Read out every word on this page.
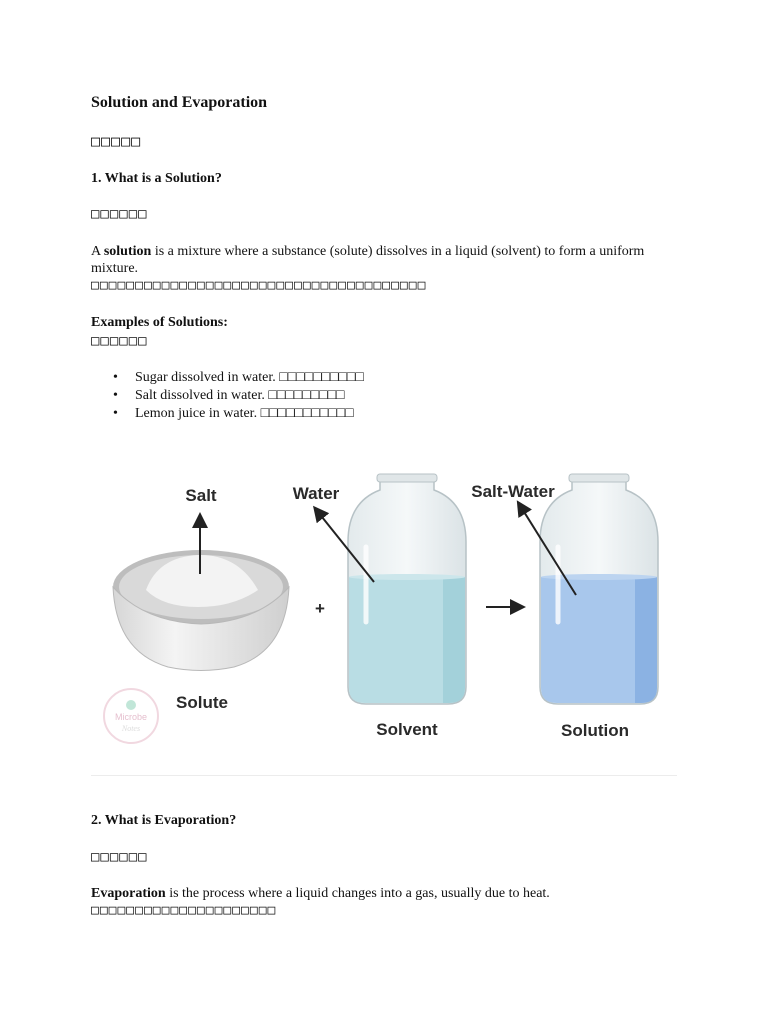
Solution and Evaporation
□□□□□
1. What is a Solution?
□□□□□□

A solution is a mixture where a substance (solute) dissolves in a liquid (solvent) to form a uniform mixture.
□□□□□□□□□□□□□□□□□□□□□□□□□□□□□□□□□□□□□□

Examples of Solutions:

□□□□□□
• Sugar dissolved in water. □□□□□□□□□□
• Salt dissolved in water. □□□□□□□□□
• Lemon juice in water. □□□□□□□□□□□
Microbe
Notes
Salt	Water	Salt-Water
+
Solute
Solvent	Solution
2. What is Evaporation?
□□□□□□

Evaporation is the process where a liquid changes into a gas, usually due to heat.
□□□□□□□□□□□□□□□□□□□□□
